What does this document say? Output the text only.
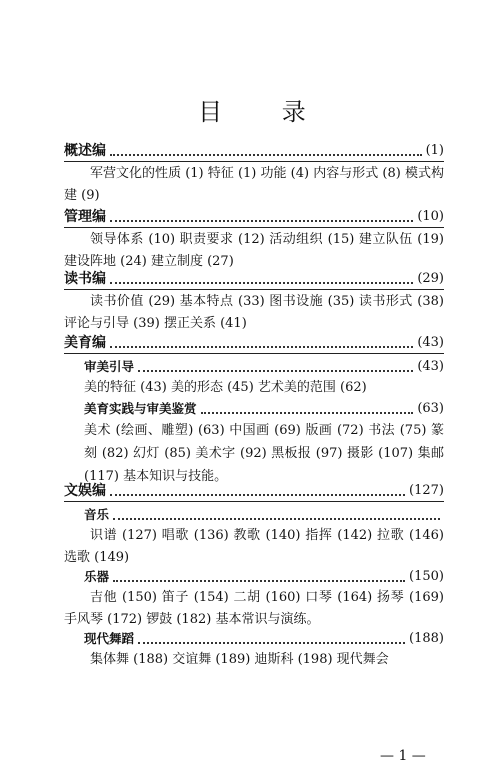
目 录
概述编	(1)
军营文化的性质 (1) 特征 (1) 功能 (4) 内容与形式 (8) 模式构建 (9)
管理编	(10)
领导体系 (10) 职责要求 (12) 活动组织 (15) 建立队伍 (19) 建设阵地 (24) 建立制度 (27)
读书编	(29)
读书价值 (29) 基本特点 (33) 图书设施 (35) 读书形式 (38) 评论与引导 (39) 摆正关系 (41)
美育编	(43)
审美引导	(43)
美的特征 (43) 美的形态 (45) 艺术美的范围 (62)
美育实践与审美鉴赏	(63)
美术 (绘画、雕塑) (63) 中国画 (69) 版画 (72) 书法 (75) 篆刻 (82) 幻灯 (85) 美术字 (92) 黑板报 (97) 摄影 (107) 集邮 (117) 基本知识与技能。
文娱编	(127)
音乐
识谱 (127) 唱歌 (136) 教歌 (140) 指挥 (142) 拉歌 (146) 选歌 (149)
乐器	(150)
吉他 (150) 笛子 (154) 二胡 (160) 口琴 (164) 扬琴 (169) 手风琴 (172) 锣鼓 (182) 基本常识与演练。
现代舞蹈	(188)
集体舞 (188) 交谊舞 (189) 迪斯科 (198) 现代舞会
— 1 —
